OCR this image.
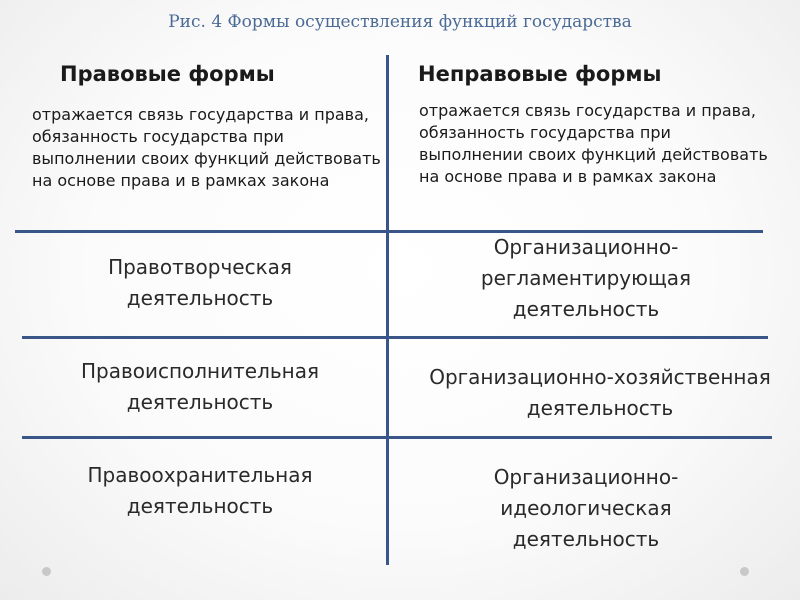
Рис. 4 Формы осуществления функций государства
Правовые формы	Неправовые формы
отражается связь государства и права, обязанность государства при выполнении своих функций действовать на основе права и в рамках закона
отражается связь государства и права, обязанность государства при выполнении своих функций действовать на основе права и в рамках закона
Правотворческая деятельность
Правоисполнительная деятельность
Правоохранительная деятельность
Организационно-регламентирующая деятельность
Организационно-хозяйственная деятельность
Организационно-идеологическая деятельность
